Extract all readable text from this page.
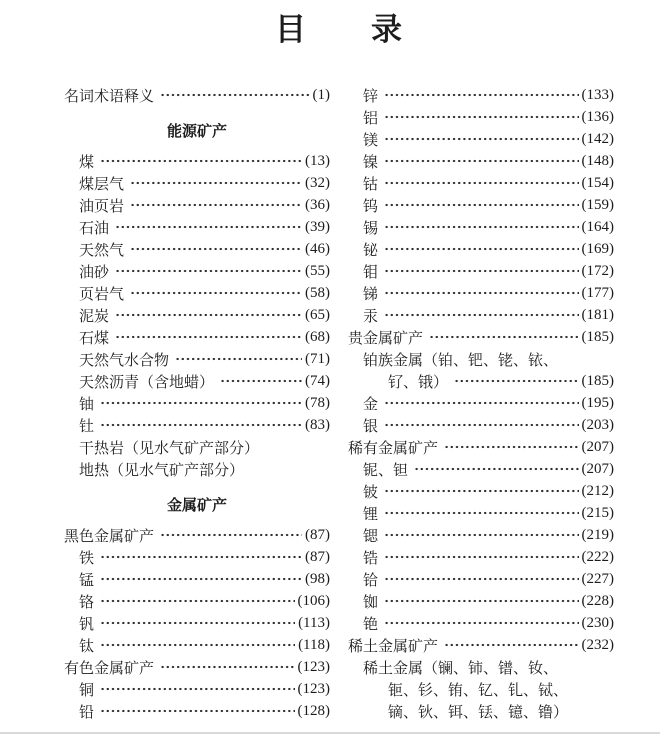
目　　录
名词术语释义	(1)
能源矿产
煤	(13)
煤层气	(32)
油页岩	(36)
石油	(39)
天然气	(46)
油砂	(55)
页岩气	(58)
泥炭	(65)
石煤	(68)
天然气水合物	(71)
天然沥青（含地蜡）	(74)
铀	(78)
钍	(83)
干热岩（见水气矿产部分）
地热（见水气矿产部分）
金属矿产
黑色金属矿产	(87)
铁	(87)
锰	(98)
铬	(106)
钒	(113)
钛	(118)
有色金属矿产	(123)
铜	(123)
铅	(128)
锌	(133)
铝	(136)
镁	(142)
镍	(148)
钴	(154)
钨	(159)
锡	(164)
铋	(169)
钼	(172)
锑	(177)
汞	(181)
贵金属矿产	(185)
铂族金属（铂、钯、铑、铱、
钌、锇）	(185)
金	(195)
银	(203)
稀有金属矿产	(207)
铌、钽	(207)
铍	(212)
锂	(215)
锶	(219)
锆	(222)
铪	(227)
铷	(228)
铯	(230)
稀土金属矿产	(232)
稀土金属（镧、铈、镨、钕、
钷、钐、铕、钇、钆、铽、
镝、钬、铒、铥、镱、镥）
